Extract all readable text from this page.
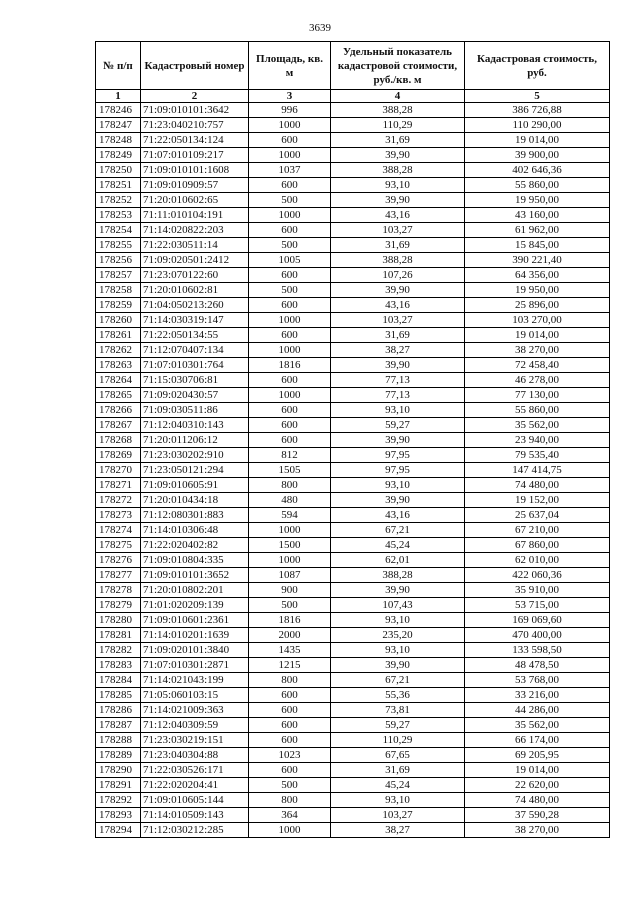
3639
№ п/п	Кадастровый номер	Площадь, кв. м	Удельный показатель кадастровой стоимости, руб./кв. м	Кадастровая стоимость, руб.
1	2	3	4	5
178246	71:09:010101:3642	996	388,28	386 726,88
178247	71:23:040210:757	1000	110,29	110 290,00
178248	71:22:050134:124	600	31,69	19 014,00
178249	71:07:010109:217	1000	39,90	39 900,00
178250	71:09:010101:1608	1037	388,28	402 646,36
178251	71:09:010909:57	600	93,10	55 860,00
178252	71:20:010602:65	500	39,90	19 950,00
178253	71:11:010104:191	1000	43,16	43 160,00
178254	71:14:020822:203	600	103,27	61 962,00
178255	71:22:030511:14	500	31,69	15 845,00
178256	71:09:020501:2412	1005	388,28	390 221,40
178257	71:23:070122:60	600	107,26	64 356,00
178258	71:20:010602:81	500	39,90	19 950,00
178259	71:04:050213:260	600	43,16	25 896,00
178260	71:14:030319:147	1000	103,27	103 270,00
178261	71:22:050134:55	600	31,69	19 014,00
178262	71:12:070407:134	1000	38,27	38 270,00
178263	71:07:010301:764	1816	39,90	72 458,40
178264	71:15:030706:81	600	77,13	46 278,00
178265	71:09:020430:57	1000	77,13	77 130,00
178266	71:09:030511:86	600	93,10	55 860,00
178267	71:12:040310:143	600	59,27	35 562,00
178268	71:20:011206:12	600	39,90	23 940,00
178269	71:23:030202:910	812	97,95	79 535,40
178270	71:23:050121:294	1505	97,95	147 414,75
178271	71:09:010605:91	800	93,10	74 480,00
178272	71:20:010434:18	480	39,90	19 152,00
178273	71:12:080301:883	594	43,16	25 637,04
178274	71:14:010306:48	1000	67,21	67 210,00
178275	71:22:020402:82	1500	45,24	67 860,00
178276	71:09:010804:335	1000	62,01	62 010,00
178277	71:09:010101:3652	1087	388,28	422 060,36
178278	71:20:010802:201	900	39,90	35 910,00
178279	71:01:020209:139	500	107,43	53 715,00
178280	71:09:010601:2361	1816	93,10	169 069,60
178281	71:14:010201:1639	2000	235,20	470 400,00
178282	71:09:020101:3840	1435	93,10	133 598,50
178283	71:07:010301:2871	1215	39,90	48 478,50
178284	71:14:021043:199	800	67,21	53 768,00
178285	71:05:060103:15	600	55,36	33 216,00
178286	71:14:021009:363	600	73,81	44 286,00
178287	71:12:040309:59	600	59,27	35 562,00
178288	71:23:030219:151	600	110,29	66 174,00
178289	71:23:040304:88	1023	67,65	69 205,95
178290	71:22:030526:171	600	31,69	19 014,00
178291	71:22:020204:41	500	45,24	22 620,00
178292	71:09:010605:144	800	93,10	74 480,00
178293	71:14:010509:143	364	103,27	37 590,28
178294	71:12:030212:285	1000	38,27	38 270,00
